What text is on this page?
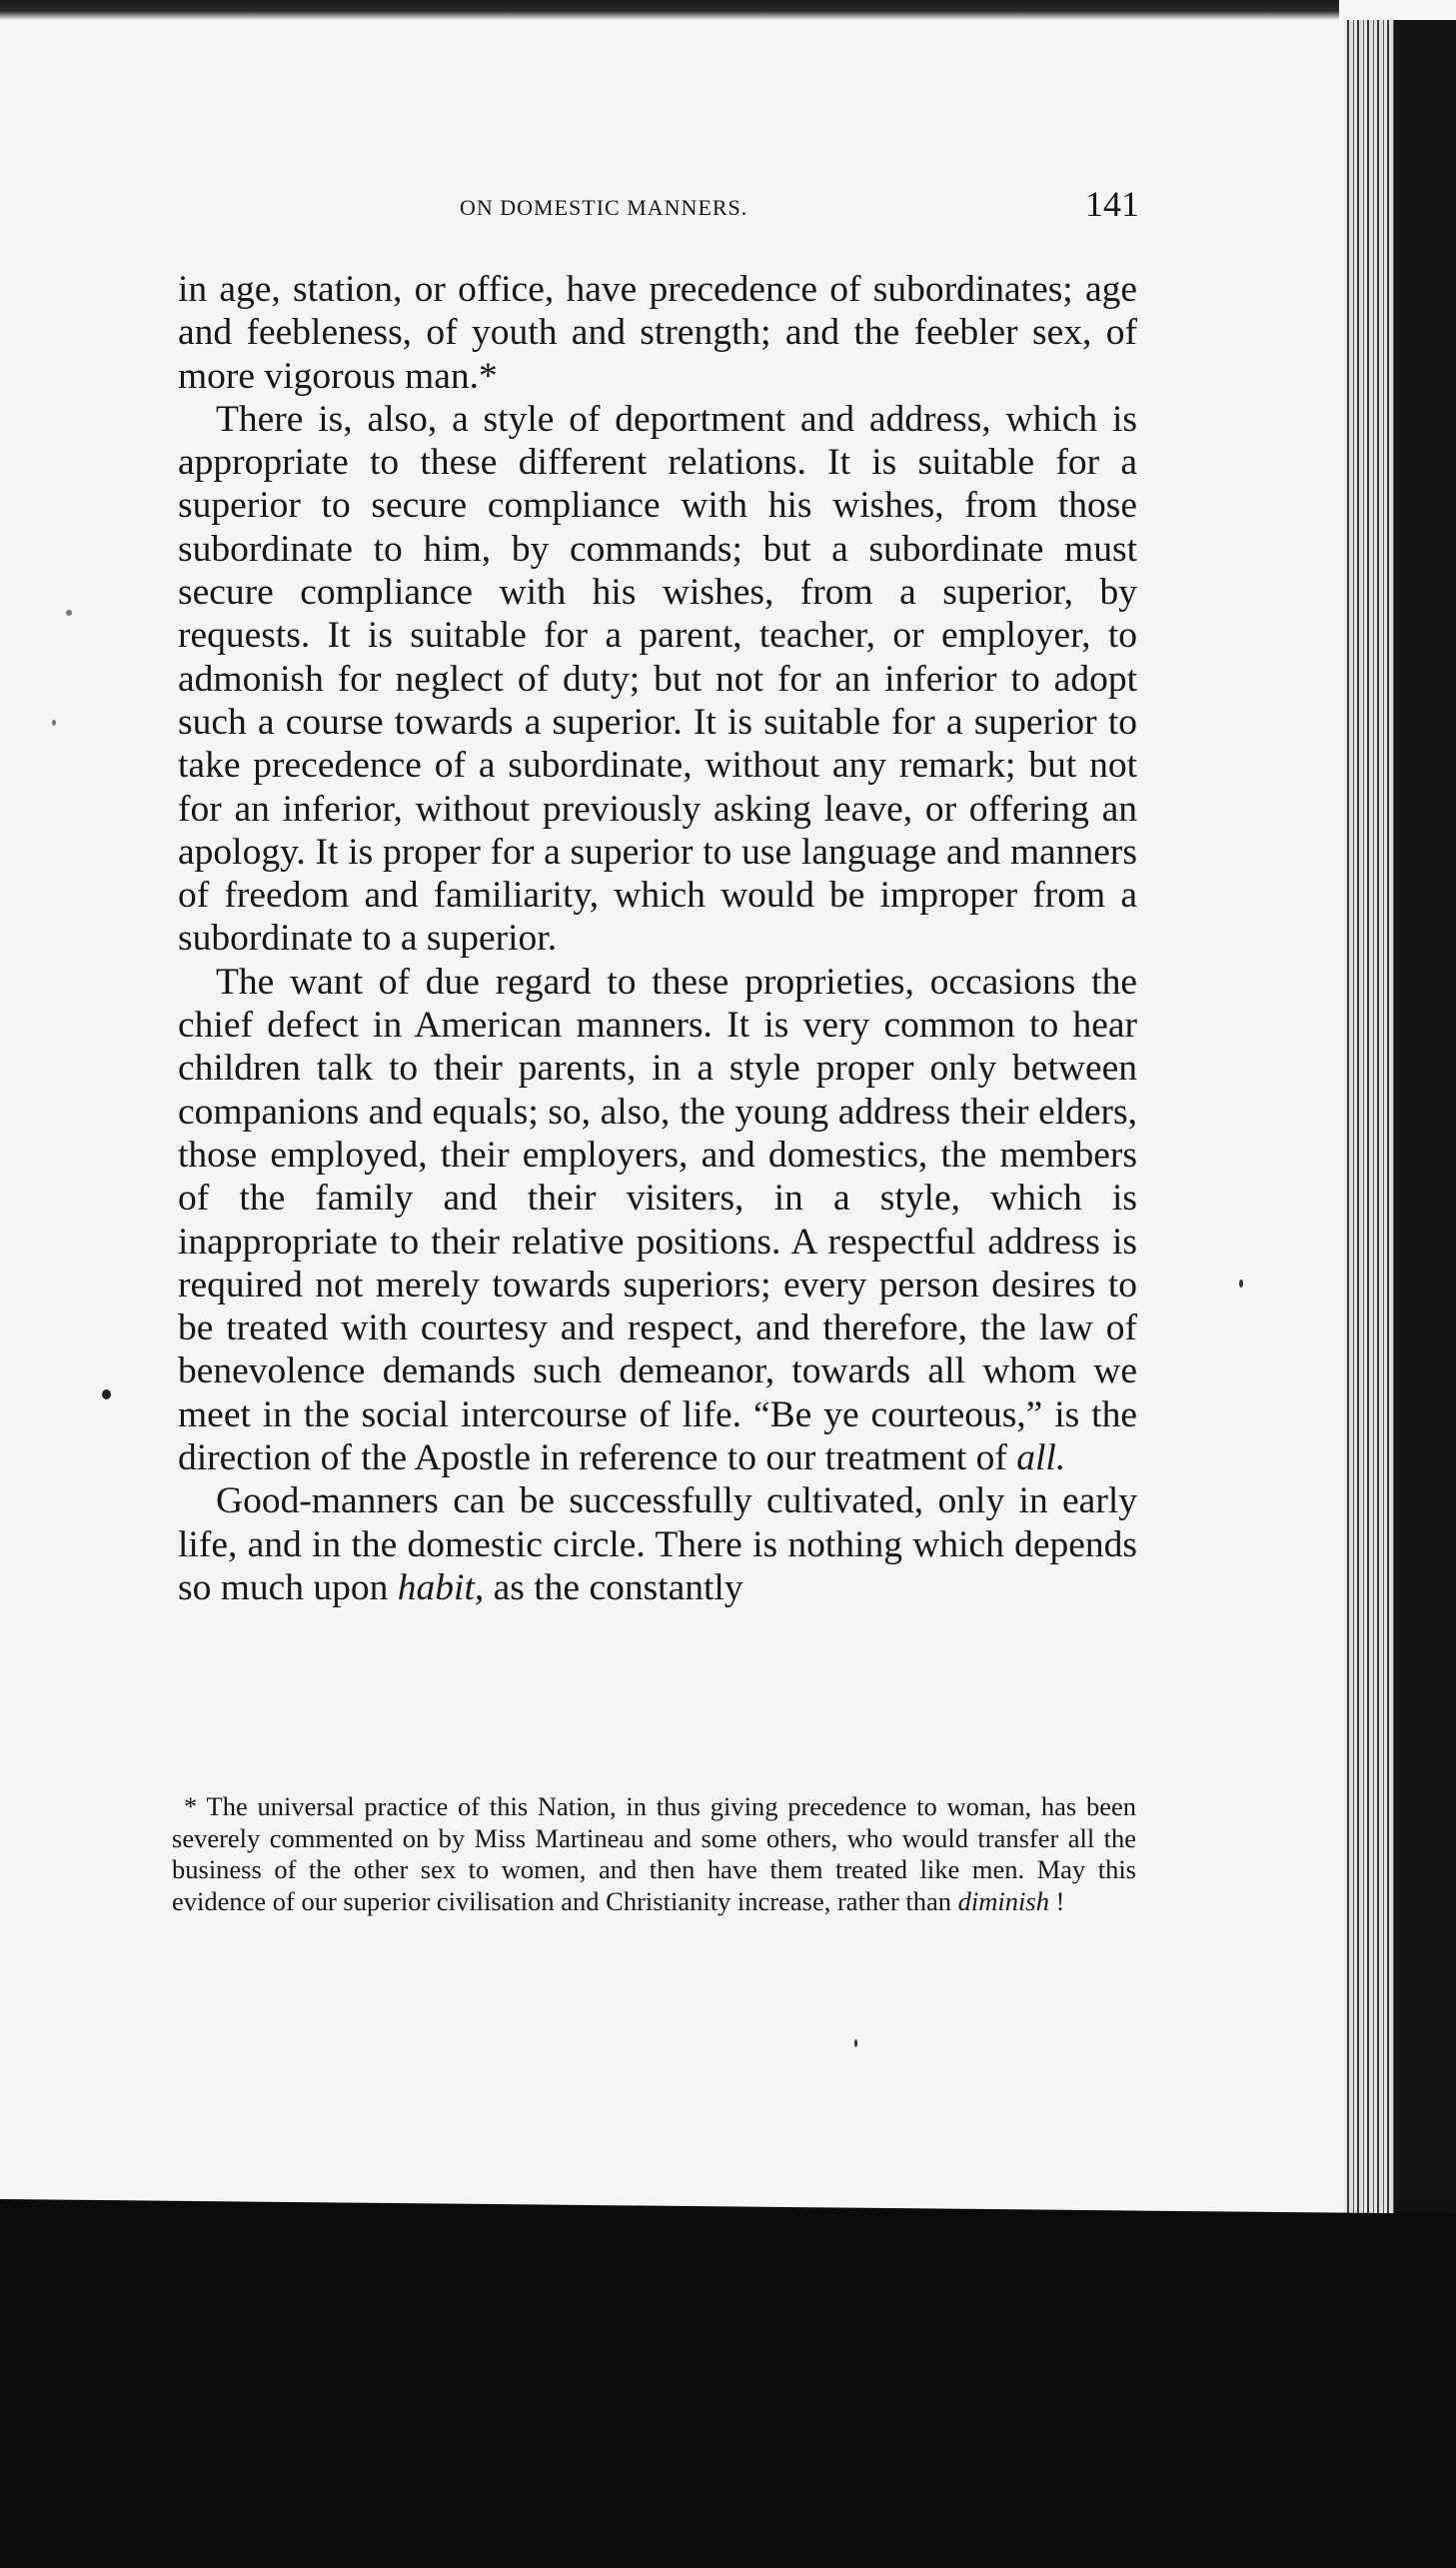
ON DOMESTIC MANNERS.	141

in age, station, or office, have precedence of subordinates; age and feebleness, of youth and strength; and the feebler sex, of more vigorous man.*

There is, also, a style of deportment and address, which is appropriate to these different relations. It is suitable for a superior to secure compliance with his wishes, from those subordinate to him, by commands; but a subordinate must secure compliance with his wishes, from a superior, by requests. It is suitable for a parent, teacher, or employer, to admonish for neglect of duty; but not for an inferior to adopt such a course towards a superior. It is suitable for a superior to take precedence of a subordinate, without any remark; but not for an inferior, without previously asking leave, or offering an apology. It is proper for a superior to use language and manners of freedom and familiarity, which would be improper from a subordinate to a superior.

The want of due regard to these proprieties, occasions the chief defect in American manners. It is very common to hear children talk to their parents, in a style proper only between companions and equals; so, also, the young address their elders, those employed, their employers, and domestics, the members of the family and their visiters, in a style, which is inappropriate to their relative positions. A respectful address is required not merely towards superiors; every person desires to be treated with courtesy and respect, and therefore, the law of benevolence demands such demeanor, towards all whom we meet in the social intercourse of life. “Be ye courteous,” is the direction of the Apostle in reference to our treatment of all.

Good-manners can be successfully cultivated, only in early life, and in the domestic circle. There is nothing which depends so much upon habit, as the constantly

* The universal practice of this Nation, in thus giving precedence to woman, has been severely commented on by Miss Martineau and some others, who would transfer all the business of the other sex to women, and then have them treated like men. May this evidence of our superior civilisation and Christianity increase, rather than diminish !
